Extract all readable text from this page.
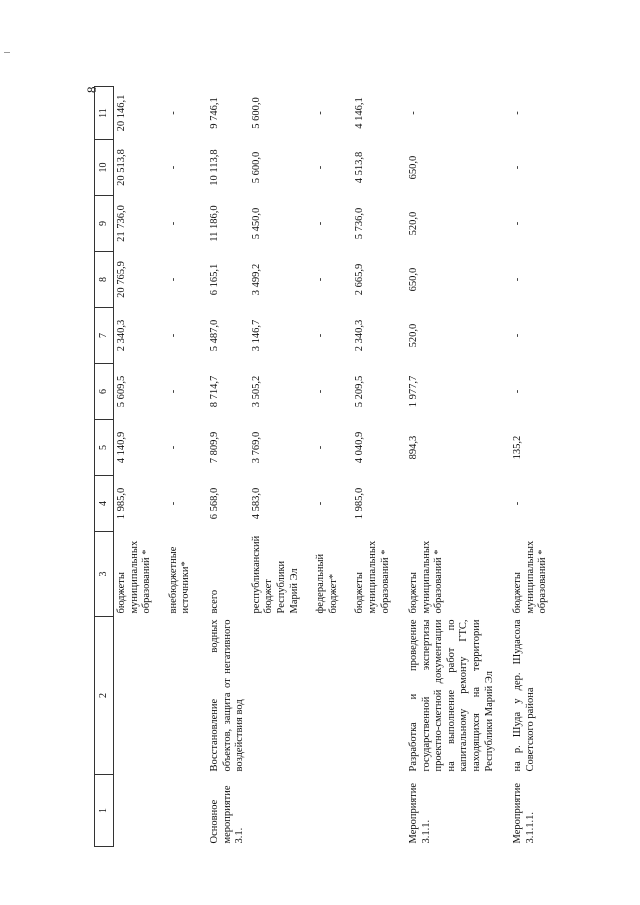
8
1	2	3	4	5	6	7	8	9	10	11
		бюджеты муниципальных образований *	1 985,0	4 140,9	5 609,5	2 340,3	20 765,9	21 736,0	20 513,8	20 146,1
		внебюджетные источники*	-	-	-	-	-	-	-	-
Основное мероприятие 3.1.	Восстановление водных объектов, защита от негативного воздействия вод	всего	6 568,0	7 809,9	8 714,7	5 487,0	6 165,1	11 186,0	10 113,8	9 746,1
		республиканский бюджет Республики Марий Эл	4 583,0	3 769,0	3 505,2	3 146,7	3 499,2	5 450,0	5 600,0	5 600,0
		федеральный бюджет*	-	-	-	-	-	-	-	-
		бюджеты муниципальных образований *	1 985,0	4 040,9	5 209,5	2 340,3	2 665,9	5 736,0	4 513,8	4 146,1
Мероприятие 3.1.1.	Разработка и проведение государственной экспертизы проектно-сметной документации на выполнение работ по капитальному ремонту ГТС, находящихся на территории Республики Марий Эл	бюджеты муниципальных образований *		894,3	1 977,7	520,0	650,0	520,0	650,0	-
Мероприятие 3.1.1.1.	на р. Шуда у дер. Шудасола Советского района	бюджеты муниципальных образований *	-	135,2	-	-	-	-	-	-
